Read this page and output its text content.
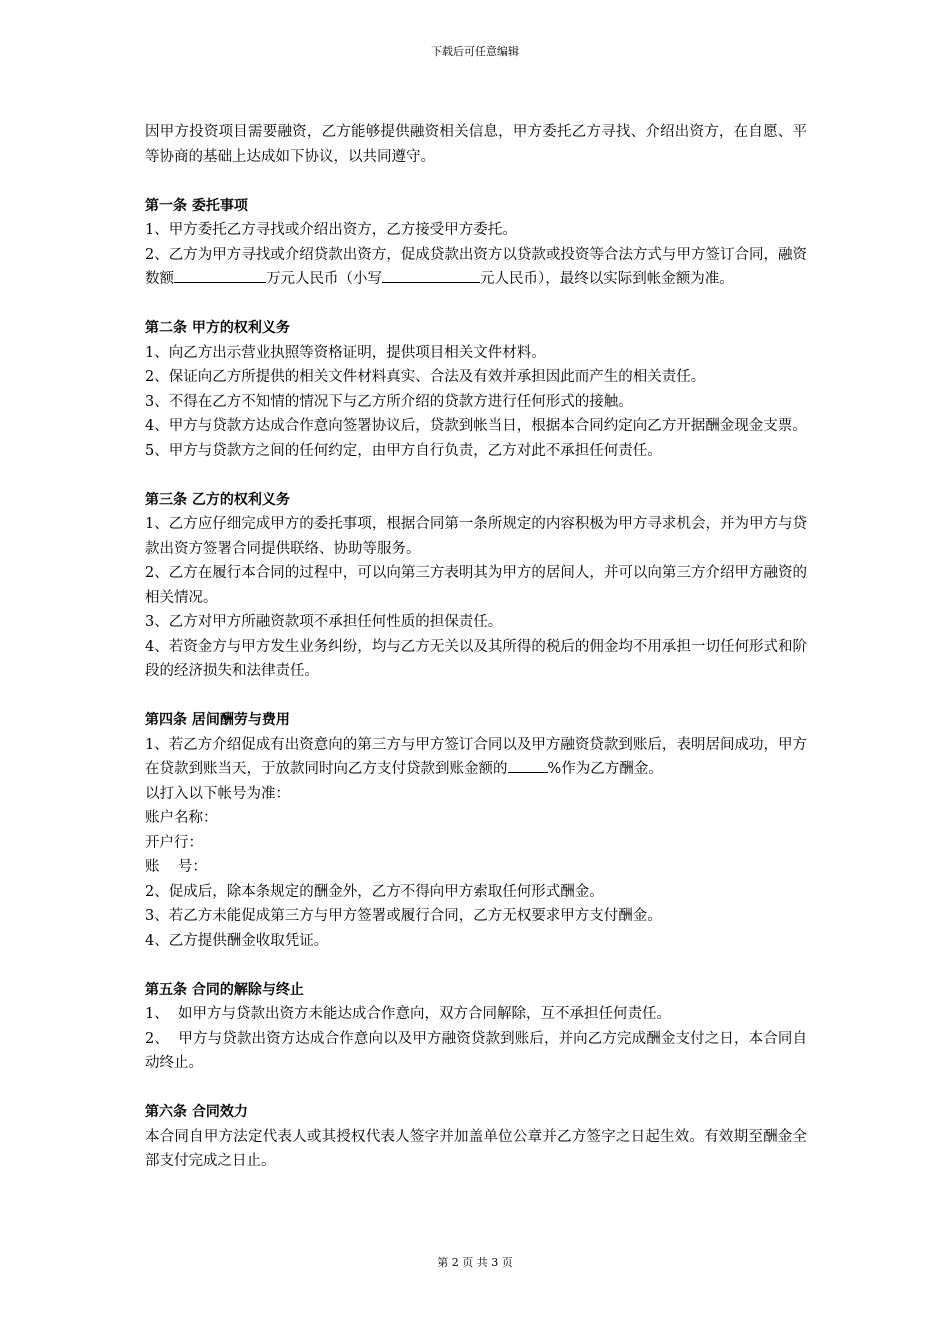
下载后可任意编辑

因甲方投资项目需要融资，乙方能够提供融资相关信息，甲方委托乙方寻找、介绍出资方，在自愿、平等协商的基础上达成如下协议，以共同遵守。

第一条 委托事项

1、甲方委托乙方寻找或介绍出资方，乙方接受甲方委托。

2、乙方为甲方寻找或介绍贷款出资方，促成贷款出资方以贷款或投资等合法方式与甲方签订合同，融资数额	万元人民币（小写	元人民币），最终以实际到帐金额为准。

第二条 甲方的权利义务

1、向乙方出示营业执照等资格证明，提供项目相关文件材料。

2、保证向乙方所提供的相关文件材料真实、合法及有效并承担因此而产生的相关责任。

3、不得在乙方不知情的情况下与乙方所介绍的贷款方进行任何形式的接触。

4、甲方与贷款方达成合作意向签署协议后，贷款到帐当日，根据本合同约定向乙方开据酬金现金支票。

5、甲方与贷款方之间的任何约定，由甲方自行负责，乙方对此不承担任何责任。

第三条 乙方的权利义务

1、乙方应仔细完成甲方的委托事项，根据合同第一条所规定的内容积极为甲方寻求机会，并为甲方与贷款出资方签署合同提供联络、协助等服务。

2、乙方在履行本合同的过程中，可以向第三方表明其为甲方的居间人，并可以向第三方介绍甲方融资的相关情况。

3、乙方对甲方所融资款项不承担任何性质的担保责任。

4、若资金方与甲方发生业务纠纷，均与乙方无关以及其所得的税后的佣金均不用承担一切任何形式和阶段的经济损失和法律责任。

第四条 居间酬劳与费用

1、若乙方介绍促成有出资意向的第三方与甲方签订合同以及甲方融资贷款到账后，表明居间成功，甲方在贷款到账当天，于放款同时向乙方支付贷款到账金额的	%作为乙方酬金。

以打入以下帐号为准：

账户名称：

开户行：

账    号：

2、促成后，除本条规定的酬金外，乙方不得向甲方索取任何形式酬金。

3、若乙方未能促成第三方与甲方签署或履行合同，乙方无权要求甲方支付酬金。

4、乙方提供酬金收取凭证。

第五条 合同的解除与终止

1、  如甲方与贷款出资方未能达成合作意向，双方合同解除，互不承担任何责任。

2、  甲方与贷款出资方达成合作意向以及甲方融资贷款到账后，并向乙方完成酬金支付之日，本合同自动终止。

第六条 合同效力

本合同自甲方法定代表人或其授权代表人签字并加盖单位公章并乙方签字之日起生效。有效期至酬金全部支付完成之日止。

第 2 页 共 3 页
